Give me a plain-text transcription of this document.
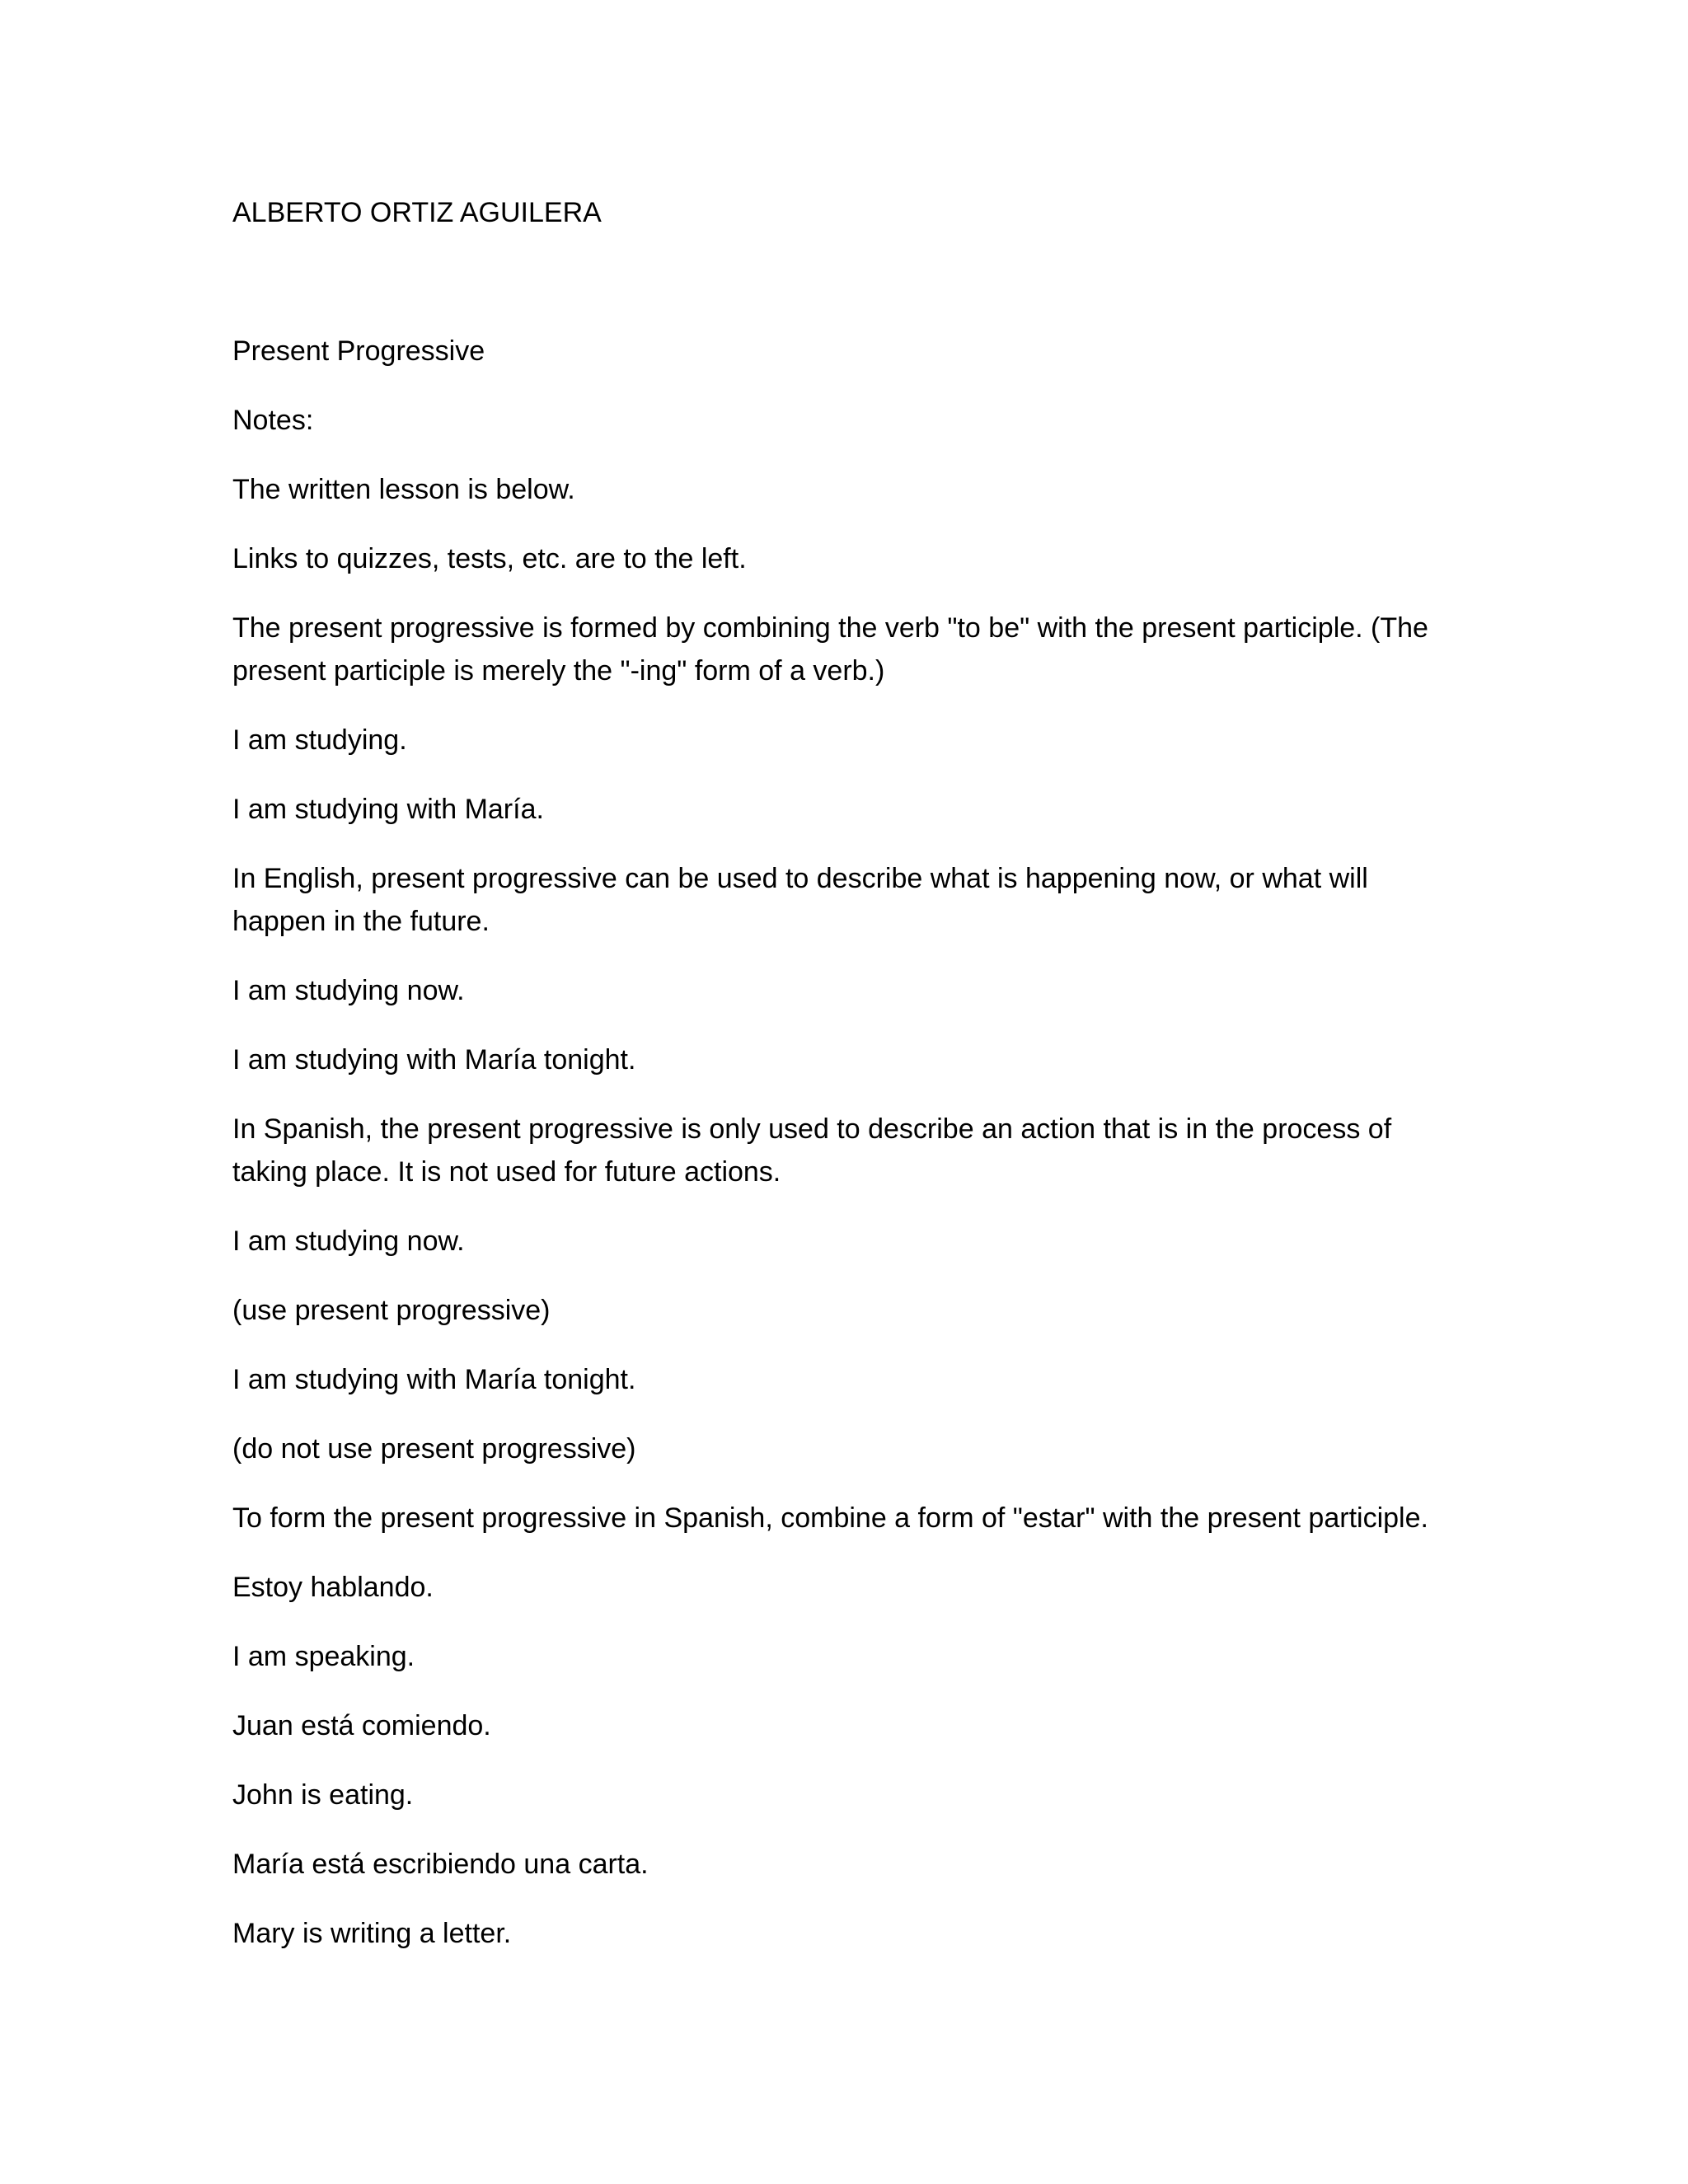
ALBERTO ORTIZ AGUILERA

Present Progressive

Notes:

The written lesson is below.

Links to quizzes, tests, etc. are to the left.

The present progressive is formed by combining the verb "to be" with the present participle. (The present participle is merely the "-ing" form of a verb.)

I am studying.

I am studying with María.

In English, present progressive can be used to describe what is happening now, or what will happen in the future.

I am studying now.

I am studying with María tonight.

In Spanish, the present progressive is only used to describe an action that is in the process of taking place. It is not used for future actions.

I am studying now.

(use present progressive)

I am studying with María tonight.

(do not use present progressive)

To form the present progressive in Spanish, combine a form of "estar" with the present participle.

Estoy hablando.

I am speaking.

Juan está comiendo.

John is eating.

María está escribiendo una carta.

Mary is writing a letter.
